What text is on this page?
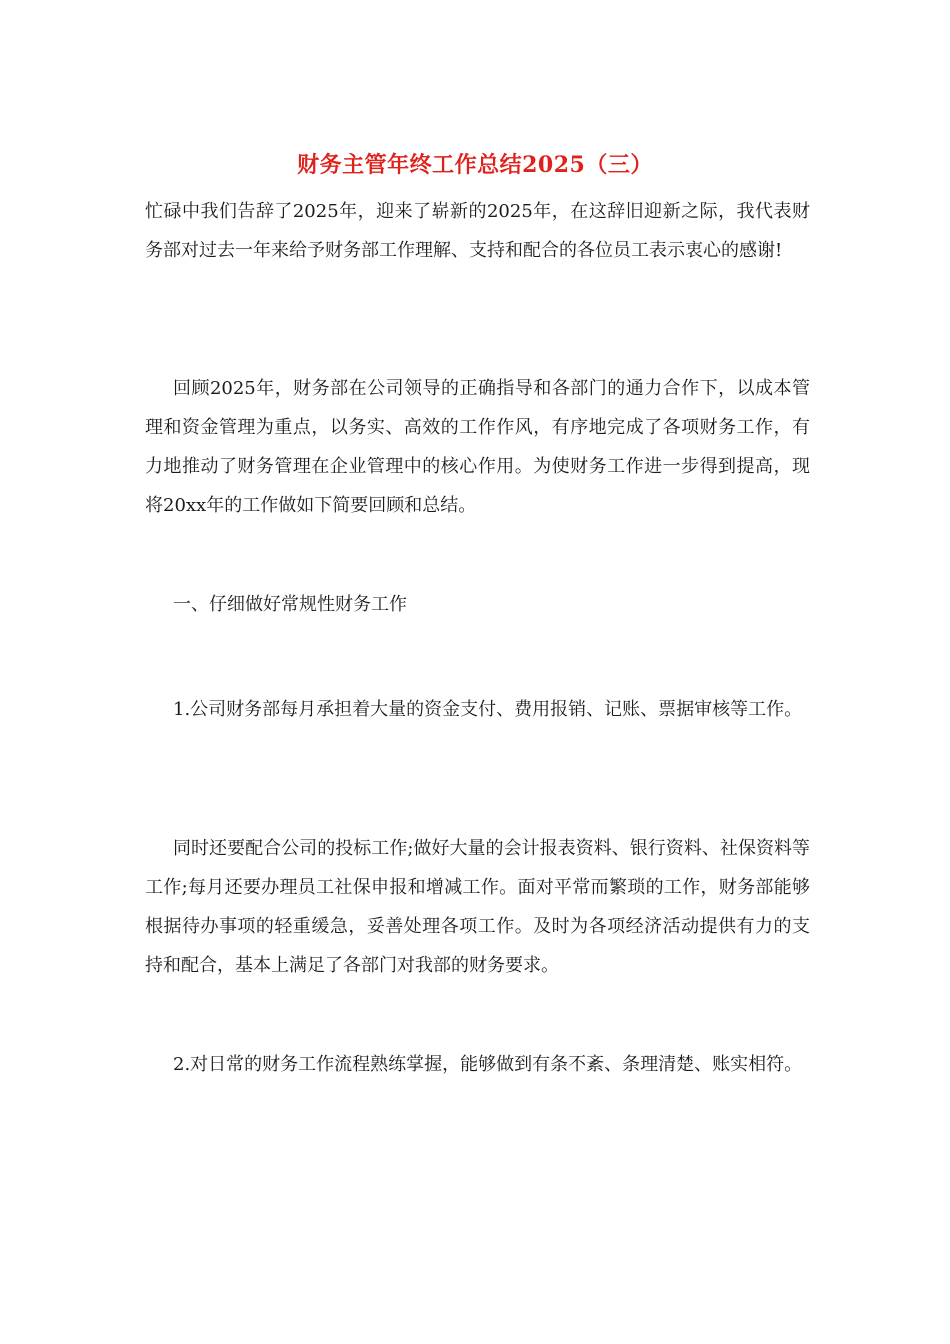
财务主管年终工作总结2025（三）

忙碌中我们告辞了2025年，迎来了崭新的2025年，在这辞旧迎新之际，我代表财务部对过去一年来给予财务部工作理解、支持和配合的各位员工表示衷心的感谢!

回顾2025年，财务部在公司领导的正确指导和各部门的通力合作下，以成本管理和资金管理为重点，以务实、高效的工作作风，有序地完成了各项财务工作，有力地推动了财务管理在企业管理中的核心作用。为使财务工作进一步得到提高，现将20xx年的工作做如下简要回顾和总结。

一、仔细做好常规性财务工作

1.公司财务部每月承担着大量的资金支付、费用报销、记账、票据审核等工作。

同时还要配合公司的投标工作;做好大量的会计报表资料、银行资料、社保资料等工作;每月还要办理员工社保申报和增减工作。面对平常而繁琐的工作，财务部能够根据待办事项的轻重缓急，妥善处理各项工作。及时为各项经济活动提供有力的支持和配合，基本上满足了各部门对我部的财务要求。

2.对日常的财务工作流程熟练掌握，能够做到有条不紊、条理清楚、账实相符。
